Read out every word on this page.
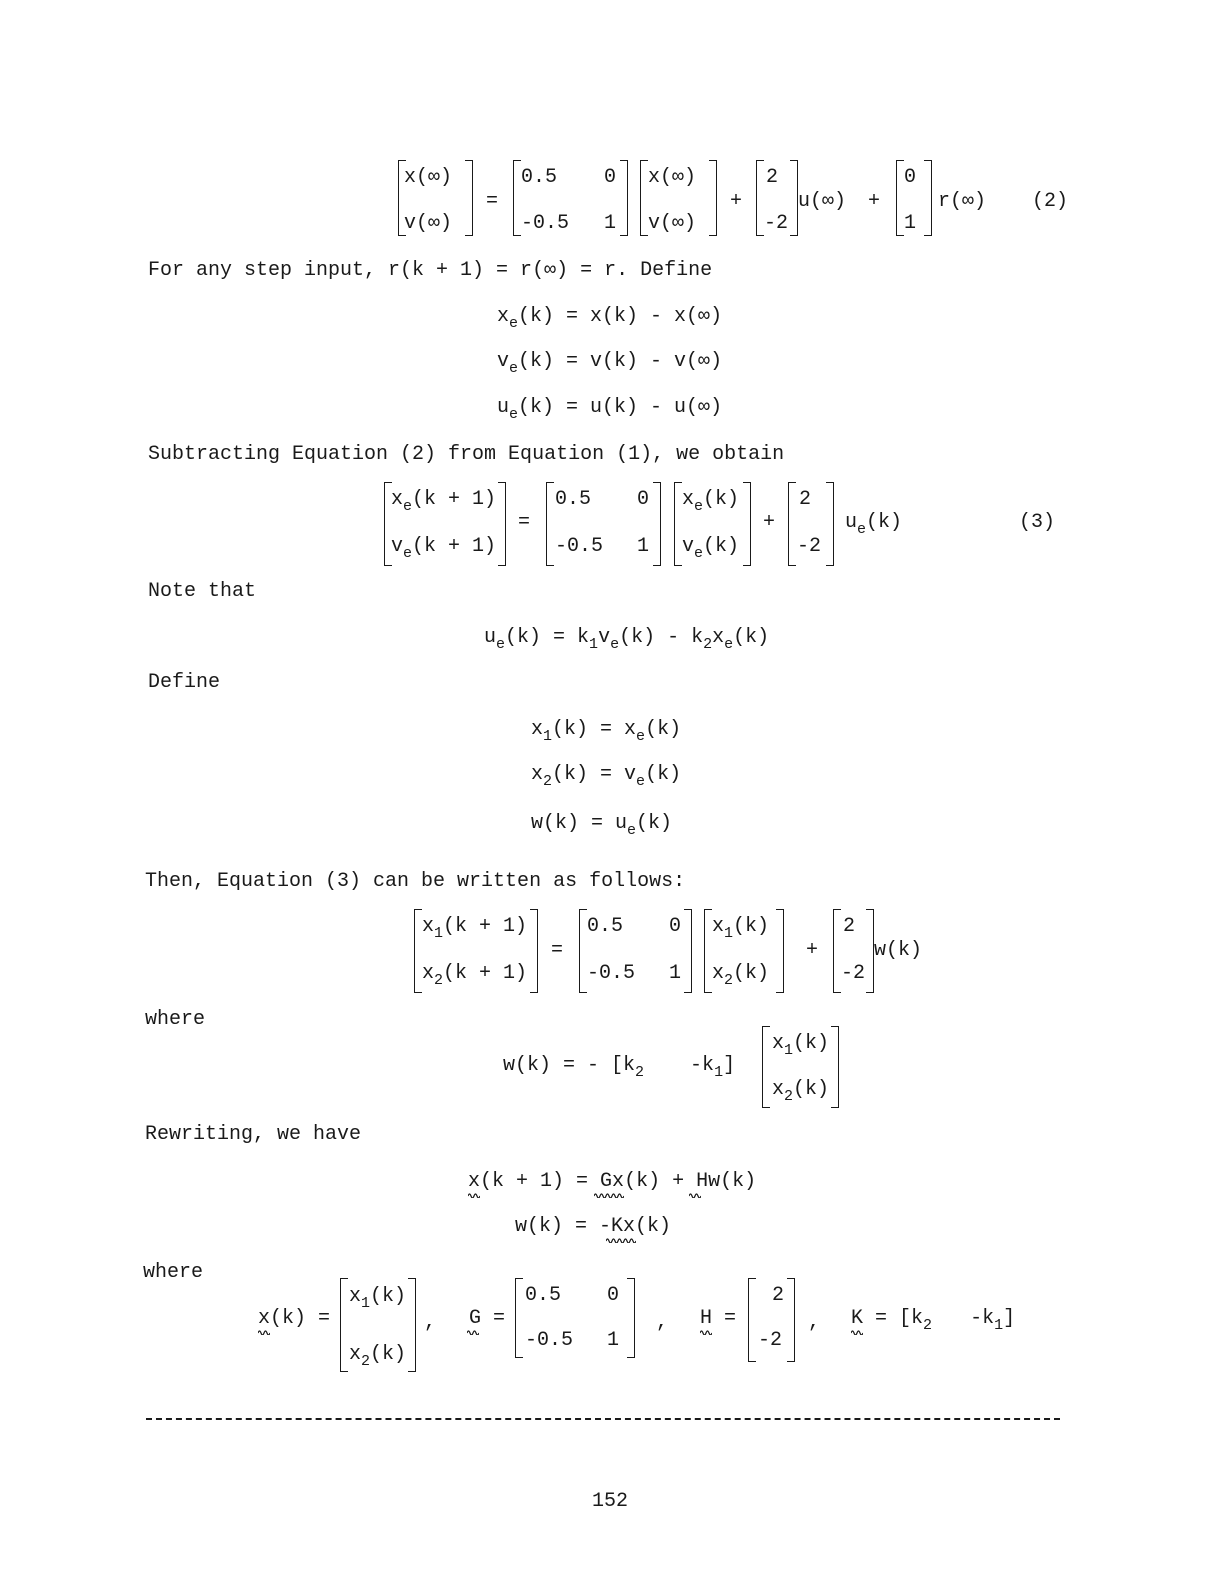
x(∞)
v(∞)
=
0.5 0
-0.5 1
x(∞)
v(∞)
+
2
-2
u(∞) +
0
1
r(∞) (2)
For any step input, r(k + 1) = r(∞) = r. Define
$x_e(k) = x(k) - x(\infty)$
$v_e(k) = v(k) - v(\infty)$
$u_e(k) = u(k) - u(\infty)$
Subtracting Equation (2) from Equation (1), we obtain
$x_e(k + 1)$
$v_e(k + 1)$
=
0.5 0
-0.5 1
$x_e(k)$
$v_e(k)$
+
2
-2
$u_e(k)$	(3)
Note that
$u_e(k) = k_1v_e(k) - k_2x_e(k)$
Define
$x_1(k) = x_e(k)$
$x_2(k) = v_e(k)$
$w(k) = u_e(k)$
Then, Equation (3) can be written as follows:
$x_1(k + 1)$
$x_2(k + 1)$
=
0.5 0
-0.5 1
$x_1(k)$
$x_2(k)$
+
2
-2
w(k)
where
w(k) = - [$k_2$ $-k_1$]
$x_1(k)$
$x_2(k)$
Rewriting, we have
x(k + 1) = Gx(k) + Hw(k)
w(k) = -Kx(k)
where
x(k) =
$x_1(k)$
$x_2(k)$
, G =
0.5 0
-0.5 1
, H =
2
-2
, $K = [k_2$ $-k_1$]
152
